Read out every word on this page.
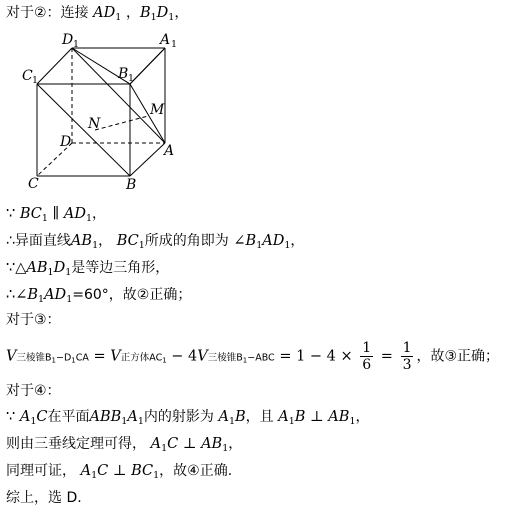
对于②：连接 $AD_1$ ，$B_1D_1$，
D 1	A 1
C 1	B 1
M
N
D
A
C	B
∵ $BC_1$ ∥ $AD_1$，
∴异面直线$AB_1$， $BC_1$所成的角即为 $\angle B_1AD_1$，
$\because\triangle AB_1D_1$是等边三角形，
$\therefore\angle B_1AD_1=60^\circ$，故②正确；
对于③：
V三棱锥B1−D1CA = V正方体AC1 − 4V三棱锥$B1-ABC = 1 - 4 \times \frac{1}{6} = \frac{1}{3}$ ，故③正确；
对于④：
∵ $A_1C$在平面$ABB_1A_1$内的射影为 $A_1B$，且 $A_1B$ ⊥ $AB_1$，
则由三垂线定理可得， $A_1C$ ⊥ $AB_1$，
同理可证， $A_1C$ ⊥ $BC_1$，故④正确.
综上，选 D.
